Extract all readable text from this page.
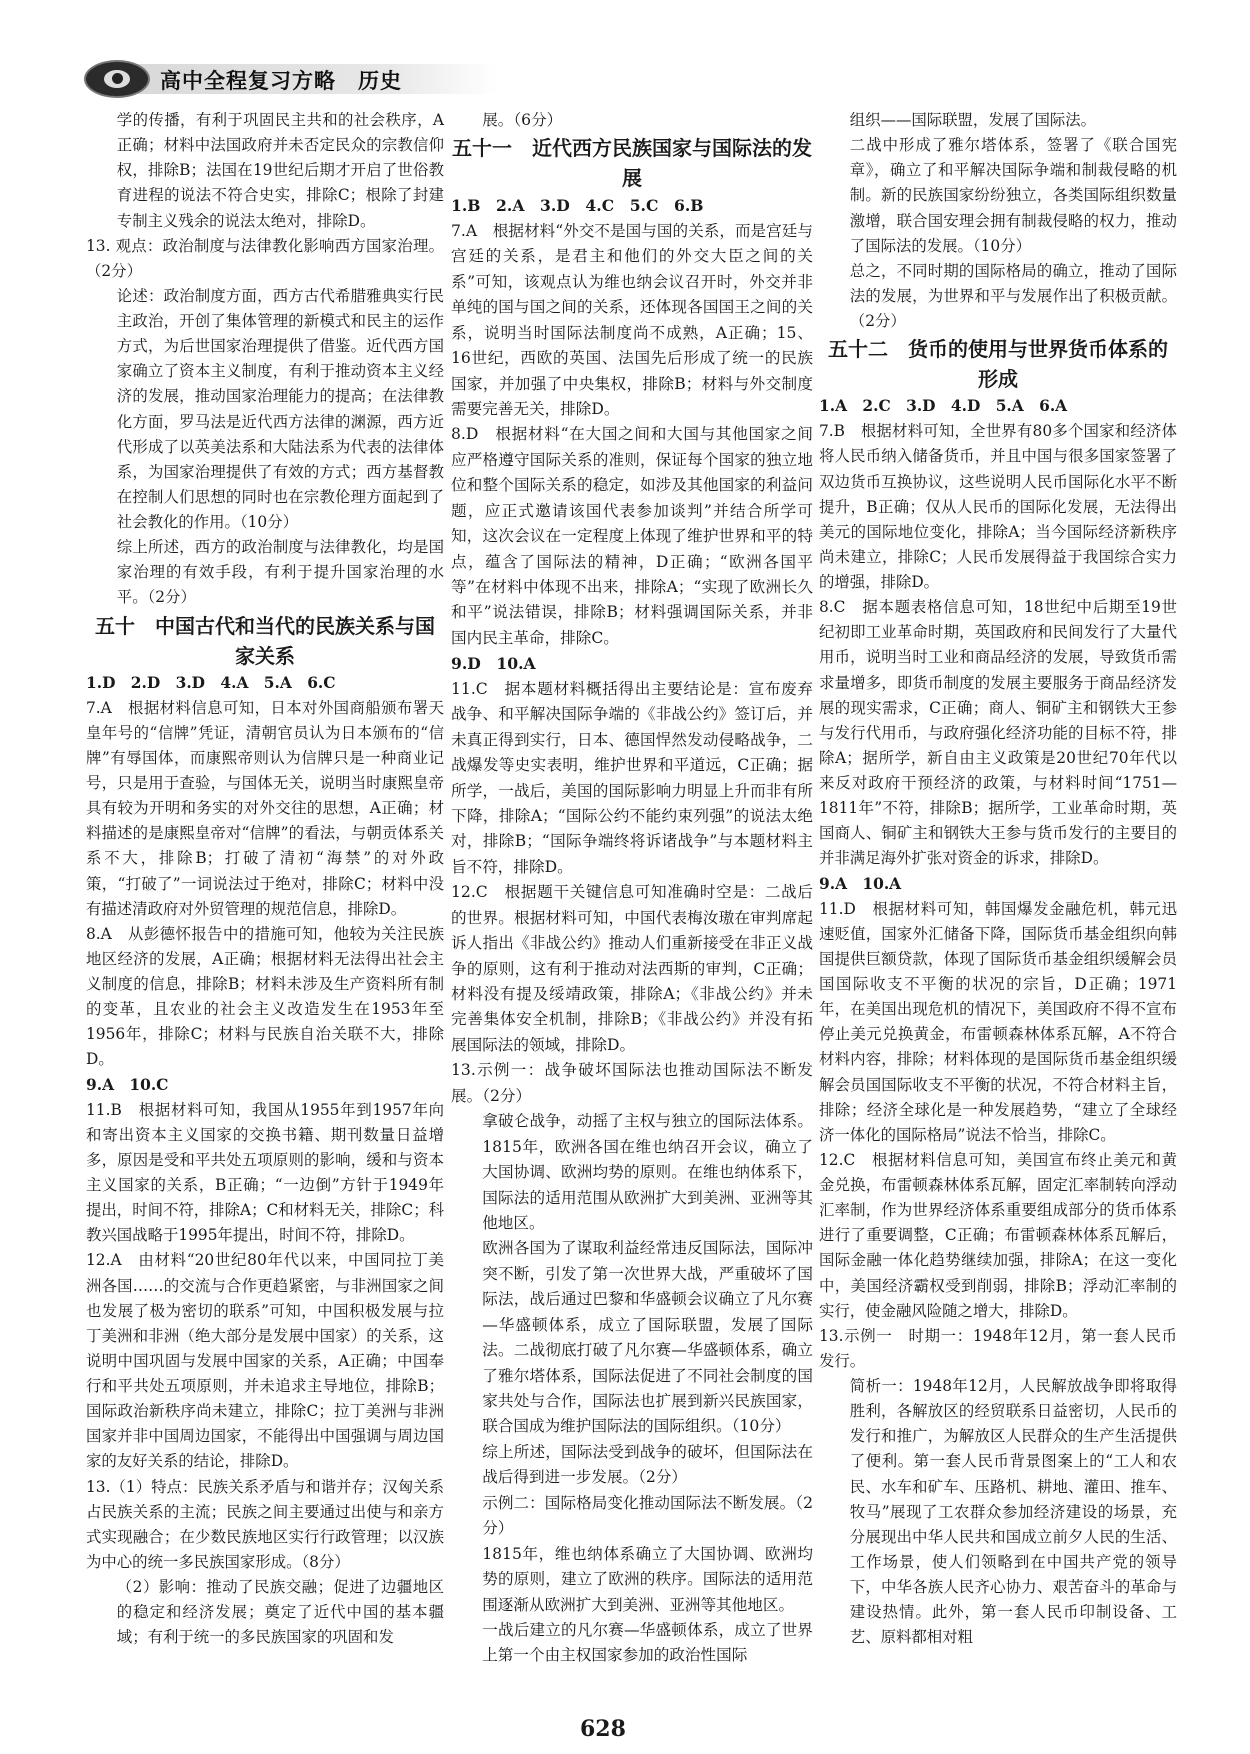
高中全程复习方略　历史

学的传播，有利于巩固民主共和的社会秩序，A正确；材料中法国政府并未否定民众的宗教信仰权，排除B；法国在19世纪后期才开启了世俗教育进程的说法不符合史实，排除C；根除了封建专制主义残余的说法太绝对，排除D。

13. 观点：政治制度与法律教化影响西方国家治理。（2分）

论述：政治制度方面，西方古代希腊雅典实行民主政治，开创了集体管理的新模式和民主的运作方式，为后世国家治理提供了借鉴。近代西方国家确立了资本主义制度，有利于推动资本主义经济的发展，推动国家治理能力的提高；在法律教化方面，罗马法是近代西方法律的渊源，西方近代形成了以英美法系和大陆法系为代表的法律体系，为国家治理提供了有效的方式；西方基督教在控制人们思想的同时也在宗教伦理方面起到了社会教化的作用。（10分）

综上所述，西方的政治制度与法律教化，均是国家治理的有效手段，有利于提升国家治理的水平。（2分）

五十　中国古代和当代的民族关系与国家关系

1.D　2.D　3.D　4.A　5.A　6.C

7.A　根据材料信息可知，日本对外国商船颁布署天皇年号的“信牌”凭证，清朝官员认为日本颁布的“信牌”有辱国体，而康熙帝则认为信牌只是一种商业记号，只是用于查验，与国体无关，说明当时康熙皇帝具有较为开明和务实的对外交往的思想，A正确；材料描述的是康熙皇帝对“信牌”的看法，与朝贡体系关系不大，排除B；打破了清初“海禁”的对外政策，“打破了”一词说法过于绝对，排除C；材料中没有描述清政府对外贸管理的规范信息，排除D。

8.A　从彭德怀报告中的措施可知，他较为关注民族地区经济的发展，A正确；根据材料无法得出社会主义制度的信息，排除B；材料未涉及生产资料所有制的变革，且农业的社会主义改造发生在1953年至1956年，排除C；材料与民族自治关联不大，排除D。

9.A　10.C

11.B　根据材料可知，我国从1955年到1957年向和寄出资本主义国家的交换书籍、期刊数量日益增多，原因是受和平共处五项原则的影响，缓和与资本主义国家的关系，B正确；“一边倒”方针于1949年提出，时间不符，排除A；C和材料无关，排除C；科教兴国战略于1995年提出，时间不符，排除D。

12.A　由材料“20世纪80年代以来，中国同拉丁美洲各国……的交流与合作更趋紧密，与非洲国家之间也发展了极为密切的联系”可知，中国积极发展与拉丁美洲和非洲（绝大部分是发展中国家）的关系，这说明中国巩固与发展中国家的关系，A正确；中国奉行和平共处五项原则，并未追求主导地位，排除B；国际政治新秩序尚未建立，排除C；拉丁美洲与非洲国家并非中国周边国家，不能得出中国强调与周边国家的友好关系的结论，排除D。

13.（1）特点：民族关系矛盾与和谐并存；汉匈关系占民族关系的主流；民族之间主要通过出使与和亲方式实现融合；在少数民族地区实行行政管理；以汉族为中心的统一多民族国家形成。（8分）

（2）影响：推动了民族交融；促进了边疆地区的稳定和经济发展；奠定了近代中国的基本疆域；有利于统一的多民族国家的巩固和发

展。（6分）

五十一　近代西方民族国家与国际法的发展

1.B　2.A　3.D　4.C　5.C　6.B

7.A　根据材料“外交不是国与国的关系，而是宫廷与宫廷的关系，是君主和他们的外交大臣之间的关系”可知，该观点认为维也纳会议召开时，外交并非单纯的国与国之间的关系，还体现各国国王之间的关系，说明当时国际法制度尚不成熟，A正确；15、16世纪，西欧的英国、法国先后形成了统一的民族国家，并加强了中央集权，排除B；材料与外交制度需要完善无关，排除D。

8.D　根据材料“在大国之间和大国与其他国家之间应严格遵守国际关系的准则，保证每个国家的独立地位和整个国际关系的稳定，如涉及其他国家的利益问题，应正式邀请该国代表参加谈判”并结合所学可知，这次会议在一定程度上体现了维护世界和平的特点，蕴含了国际法的精神，D正确；“欧洲各国平等”在材料中体现不出来，排除A；“实现了欧洲长久和平”说法错误，排除B；材料强调国际关系，并非国内民主革命，排除C。

9.D　10.A

11.C　据本题材料概括得出主要结论是：宣布废弃战争、和平解决国际争端的《非战公约》签订后，并未真正得到实行，日本、德国悍然发动侵略战争，二战爆发等史实表明，维护世界和平道远，C正确；据所学，一战后，美国的国际影响力明显上升而非有所下降，排除A；“国际公约不能约束列强”的说法太绝对，排除B；“国际争端终将诉诸战争”与本题材料主旨不符，排除D。

12.C　根据题干关键信息可知准确时空是：二战后的世界。根据材料可知，中国代表梅汝璈在审判席起诉人指出《非战公约》推动人们重新接受在非正义战争的原则，这有利于推动对法西斯的审判，C正确；材料没有提及绥靖政策，排除A；《非战公约》并未完善集体安全机制，排除B；《非战公约》并没有拓展国际法的领域，排除D。

13.示例一：战争破坏国际法也推动国际法不断发展。（2分）

拿破仑战争，动摇了主权与独立的国际法体系。1815年，欧洲各国在维也纳召开会议，确立了大国协调、欧洲均势的原则。在维也纳体系下，国际法的适用范围从欧洲扩大到美洲、亚洲等其他地区。

欧洲各国为了谋取利益经常违反国际法，国际冲突不断，引发了第一次世界大战，严重破坏了国际法，战后通过巴黎和华盛顿会议确立了凡尔赛—华盛顿体系，成立了国际联盟，发展了国际法。二战彻底打破了凡尔赛—华盛顿体系，确立了雅尔塔体系，国际法促进了不同社会制度的国家共处与合作，国际法也扩展到新兴民族国家，联合国成为维护国际法的国际组织。（10分）

综上所述，国际法受到战争的破坏，但国际法在战后得到进一步发展。（2分）

示例二：国际格局变化推动国际法不断发展。（2分）

1815年，维也纳体系确立了大国协调、欧洲均势的原则，建立了欧洲的秩序。国际法的适用范围逐渐从欧洲扩大到美洲、亚洲等其他地区。

一战后建立的凡尔赛—华盛顿体系，成立了世界上第一个由主权国家参加的政治性国际

组织——国际联盟，发展了国际法。

二战中形成了雅尔塔体系，签署了《联合国宪章》，确立了和平解决国际争端和制裁侵略的机制。新的民族国家纷纷独立，各类国际组织数量激增，联合国安理会拥有制裁侵略的权力，推动了国际法的发展。（10分）

总之，不同时期的国际格局的确立，推动了国际法的发展，为世界和平与发展作出了积极贡献。（2分）

五十二　货币的使用与世界货币体系的形成

1.A　2.C　3.D　4.D　5.A　6.A

7.B　根据材料可知，全世界有80多个国家和经济体将人民币纳入储备货币，并且中国与很多国家签署了双边货币互换协议，这些说明人民币国际化水平不断提升，B正确；仅从人民币的国际化发展，无法得出美元的国际地位变化，排除A；当今国际经济新秩序尚未建立，排除C；人民币发展得益于我国综合实力的增强，排除D。

8.C　据本题表格信息可知，18世纪中后期至19世纪初即工业革命时期，英国政府和民间发行了大量代用币，说明当时工业和商品经济的发展，导致货币需求量增多，即货币制度的发展主要服务于商品经济发展的现实需求，C正确；商人、铜矿主和钢铁大王参与发行代用币，与政府强化经济功能的目标不符，排除A；据所学，新自由主义政策是20世纪70年代以来反对政府干预经济的政策，与材料时间“1751—1811年”不符，排除B；据所学，工业革命时期，英国商人、铜矿主和钢铁大王参与货币发行的主要目的并非满足海外扩张对资金的诉求，排除D。

9.A　10.A

11.D　根据材料可知，韩国爆发金融危机，韩元迅速贬值，国家外汇储备下降，国际货币基金组织向韩国提供巨额贷款，体现了国际货币基金组织缓解会员国国际收支不平衡的状况的宗旨，D正确；1971年，在美国出现危机的情况下，美国政府不得不宣布停止美元兑换黄金，布雷顿森林体系瓦解，A不符合材料内容，排除；材料体现的是国际货币基金组织缓解会员国国际收支不平衡的状况，不符合材料主旨，排除；经济全球化是一种发展趋势，“建立了全球经济一体化的国际格局”说法不恰当，排除C。

12.C　根据材料信息可知，美国宣布终止美元和黄金兑换，布雷顿森林体系瓦解，固定汇率制转向浮动汇率制，作为世界经济体系重要组成部分的货币体系进行了重要调整，C正确；布雷顿森林体系瓦解后，国际金融一体化趋势继续加强，排除A；在这一变化中，美国经济霸权受到削弱，排除B；浮动汇率制的实行，使金融风险随之增大，排除D。

13.示例一　时期一：1948年12月，第一套人民币发行。

简析一：1948年12月，人民解放战争即将取得胜利，各解放区的经贸联系日益密切，人民币的发行和推广，为解放区人民群众的生产生活提供了便利。第一套人民币背景图案上的“工人和农民、水车和矿车、压路机、耕地、灌田、推车、牧马”展现了工农群众参加经济建设的场景，充分展现出中华人民共和国成立前夕人民的生活、工作场景，使人们领略到在中国共产党的领导下，中华各族人民齐心协力、艰苦奋斗的革命与建设热情。此外，第一套人民币印制设备、工艺、原料都相对粗

628
